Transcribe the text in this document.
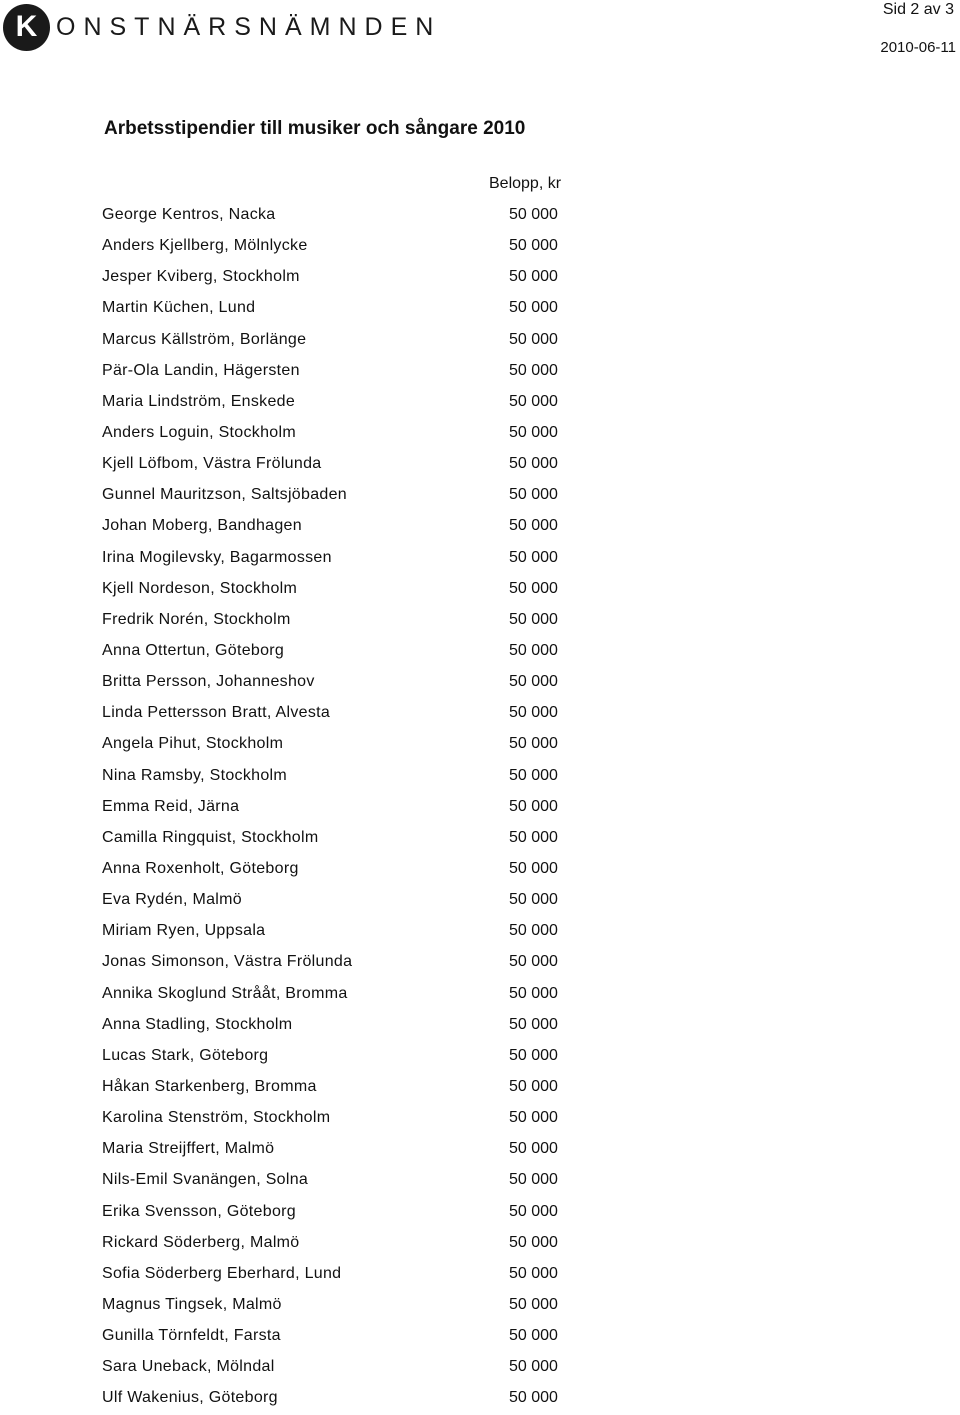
K ONSTNÄRSNÄMNDEN
Sid 2 av 3
2010-06-11
Arbetsstipendier till musiker och sångare 2010
Belopp, kr
George Kentros, Nacka	50 000
Anders Kjellberg, Mölnlycke	50 000
Jesper Kviberg, Stockholm	50 000
Martin Küchen, Lund	50 000
Marcus Källström, Borlänge	50 000
Pär-Ola Landin, Hägersten	50 000
Maria Lindström, Enskede	50 000
Anders Loguin, Stockholm	50 000
Kjell Löfbom, Västra Frölunda	50 000
Gunnel Mauritzson, Saltsjöbaden	50 000
Johan Moberg, Bandhagen	50 000
Irina Mogilevsky, Bagarmossen	50 000
Kjell Nordeson, Stockholm	50 000
Fredrik Norén, Stockholm	50 000
Anna Ottertun, Göteborg	50 000
Britta Persson, Johanneshov	50 000
Linda Pettersson Bratt, Alvesta	50 000
Angela Pihut, Stockholm	50 000
Nina Ramsby, Stockholm	50 000
Emma Reid, Järna	50 000
Camilla Ringquist, Stockholm	50 000
Anna Roxenholt, Göteborg	50 000
Eva Rydén, Malmö	50 000
Miriam Ryen, Uppsala	50 000
Jonas Simonson, Västra Frölunda	50 000
Annika Skoglund Strååt, Bromma	50 000
Anna Stadling, Stockholm	50 000
Lucas Stark, Göteborg	50 000
Håkan Starkenberg, Bromma	50 000
Karolina Stenström, Stockholm	50 000
Maria Streijffert, Malmö	50 000
Nils-Emil Svanängen, Solna	50 000
Erika Svensson, Göteborg	50 000
Rickard Söderberg, Malmö	50 000
Sofia Söderberg Eberhard, Lund	50 000
Magnus Tingsek, Malmö	50 000
Gunilla Törnfeldt, Farsta	50 000
Sara Uneback, Mölndal	50 000
Ulf Wakenius, Göteborg	50 000
